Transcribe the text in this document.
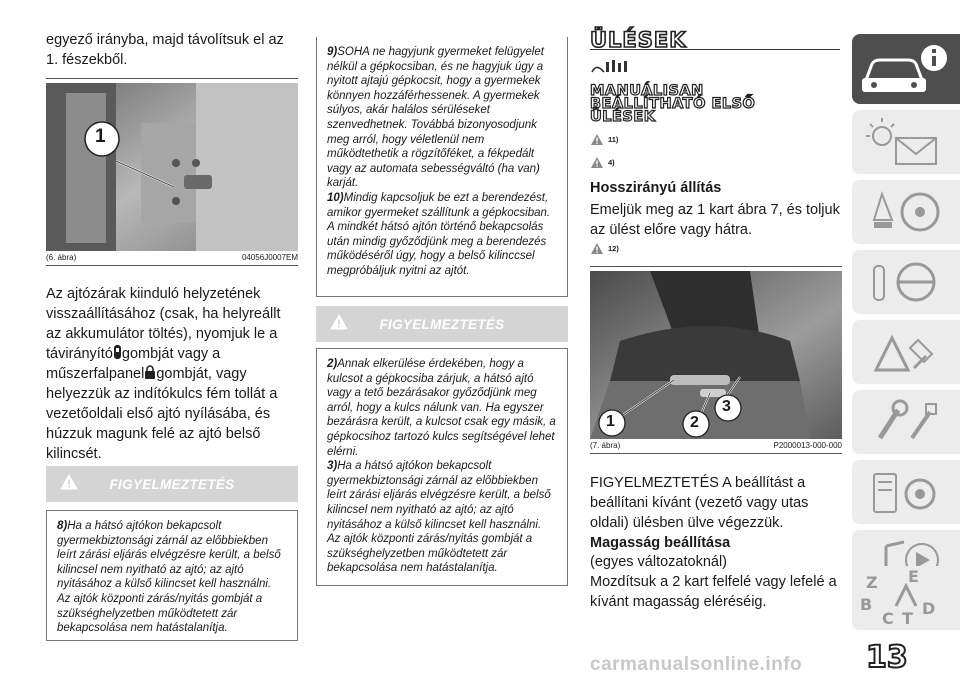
egyező irányba, majd távolítsuk el az 1. fészekből.

1
(6. ábra)	04056J0007EM

Az ajtózárak kiinduló helyzetének visszaállításához (csak, ha helyreállt az akkumulátor töltés), nyomjuk le a távirányító gombját vagy a műszerfalpanel gombját, vagy helyezzük az indítókulcs fém tollát a vezetőoldali első ajtó nyílásába, és húzzuk magunk felé az ajtó belső kilincsét.

FIGYELMEZTETÉS
8)Ha a hátsó ajtókon bekapcsolt gyermekbiztonsági zárnál az előbbiekben leírt zárási eljárás elvégzésre került, a belső kilincsel nem nyitható az ajtó; az ajtó nyitásához a külső kilincset kell használni. Az ajtók központi zárás/nyitás gombját a szükséghelyzetben működtetett zár bekapcsolása nem hatástalanítja.
9)SOHA ne hagyjunk gyermeket felügyelet nélkül a gépkocsiban, és ne hagyjuk úgy a nyitott ajtajú gépkocsit, hogy a gyermekek könnyen hozzáférhessenek. A gyermekek súlyos, akár halálos sérüléseket szenvedhetnek. Továbbá bizonyosodjunk meg arról, hogy véletlenül nem működtethetik a rögzítőféket, a fékpedált vagy az automata sebességváltó (ha van) karját.
10)Mindig kapcsoljuk be ezt a berendezést, amikor gyermeket szállítunk a gépkocsiban. A mindkét hátsó ajtón történő bekapcsolás után mindig győződjünk meg a berendezés működéséről úgy, hogy a belső kilinccsel megpróbáljuk nyitni az ajtót.
FIGYELMEZTETÉS
2)Annak elkerülése érdekében, hogy a kulcsot a gépkocsiba zárjuk, a hátsó ajtó vagy a tető bezárásakor győződjünk meg arról, hogy a kulcs nálunk van. Ha egyszer bezárásra került, a kulcsot csak egy másik, a gépkocsihoz tartozó kulcs segítségével lehet elérni.
3)Ha a hátsó ajtókon bekapcsolt gyermekbiztonsági zárnál az előbbiekben leírt zárási eljárás elvégzésre került, a belső kilincsel nem nyitható az ajtó; az ajtó nyitásához a külső kilincset kell használni. Az ajtók központi zárás/nyitás gombját a szükséghelyzetben működtetett zár bekapcsolása nem hatástalanítja.
ÜLÉSEK

MANUÁLISAN

BEÁLLÍTHATÓ ELSŐ

ÜLÉSEK

11)
4)
Hosszirányú állítás

Emeljük meg az 1 kart ábra 7, és toljuk az ülést előre vagy hátra.

12)
1	2
3
(7. ábra)	P2000013-000-000

FIGYELMEZTETÉS A beállítást a beállítani kívánt (vezető vagy utas oldali) ülésben ülve végezzük.

Magasság beállítása

(egyes változatoknál)

Mozdítsuk a 2 kart felfelé vagy lefelé a kívánt magasság eléréséig.

Z E
B
C T
D
13
carmanualsonline.info
